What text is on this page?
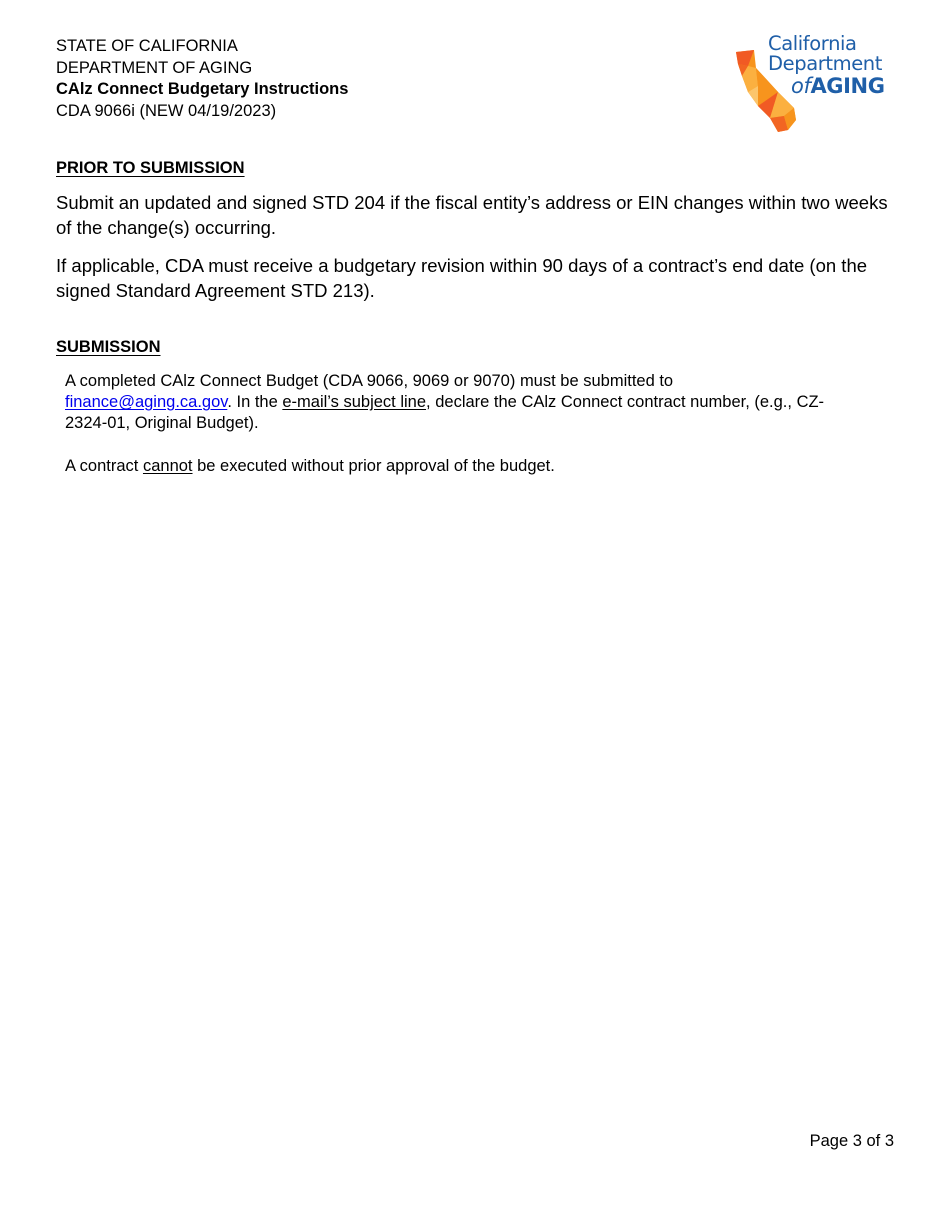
STATE OF CALIFORNIA
DEPARTMENT OF AGING
CAlz Connect Budgetary Instructions
CDA 9066i (NEW 04/19/2023)
California
Department
ofAGING
PRIOR TO SUBMISSION
Submit an updated and signed STD 204 if the fiscal entity’s address or EIN changes within two weeks of the change(s) occurring.
If applicable, CDA must receive a budgetary revision within 90 days of a contract’s end date (on the signed Standard Agreement STD 213).
SUBMISSION
A completed CAlz Connect Budget (CDA 9066, 9069 or 9070) must be submitted to finance@aging.ca.gov. In the e-mail’s subject line, declare the CAlz Connect contract number, (e.g., CZ-2324-01, Original Budget).
A contract cannot be executed without prior approval of the budget.
Page 3 of 3
